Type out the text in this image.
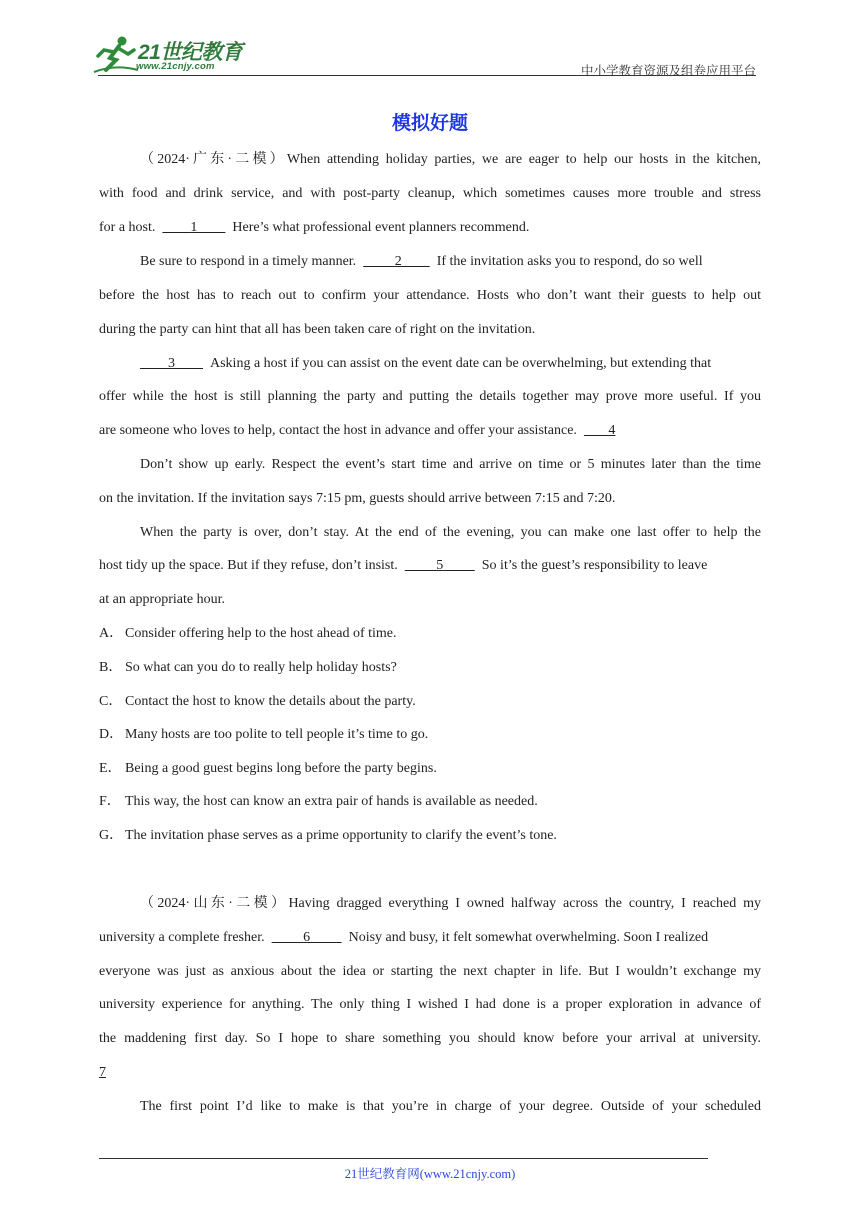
21世纪教育
www.21cnjy.com	中小学教育资源及组卷应用平台
模拟好题
（2024·广东·二模）When attending holiday parties, we are eager to help our hosts in the kitchen,
with food and drink service, and with post-party cleanup, which sometimes causes more trouble and stress
for a host.	1	Here’s what professional event planners recommend.
Be sure to respond in a timely manner.	2	If the invitation asks you to respond, do so well
before the host has to reach out to confirm your attendance. Hosts who don’t want their guests to help out
during the party can hint that all has been taken care of right on the invitation.
3	Asking a host if you can assist on the event date can be overwhelming, but extending that
offer while the host is still planning the party and putting the details together may prove more useful. If you
are someone who loves to help, contact the host in advance and offer your assistance. 4
Don’t show up early. Respect the event’s start time and arrive on time or 5 minutes later than the time
on the invitation. If the invitation says 7:15 pm, guests should arrive between 7:15 and 7:20.
When the party is over, don’t stay. At the end of the evening, you can make one last offer to help the
host tidy up the space. But if they refuse, don’t insist.	5	So it’s the guest’s responsibility to leave
at an appropriate hour.
A． Consider offering help to the host ahead of time.
B． So what can you do to really help holiday hosts?
C． Contact the host to know the details about the party.
D． Many hosts are too polite to tell people it’s time to go.
E． Being a good guest begins long before the party begins.
F． This way, the host can know an extra pair of hands is available as needed.
G． The invitation phase serves as a prime opportunity to clarify the event’s tone.
（2024·山东·二模）Having dragged everything I owned halfway across the country, I reached my
university a complete fresher.	6	Noisy and busy, it felt somewhat overwhelming. Soon I realized
everyone was just as anxious about the idea or starting the next chapter in life. But I wouldn’t exchange my
university experience for anything. The only thing I wished I had done is a proper exploration in advance of
the maddening first day. So I hope to share something you should know before your arrival at university.
7
The first point I’d like to make is that you’re in charge of your degree. Outside of your scheduled
21世纪教育网(www.21cnjy.com)
